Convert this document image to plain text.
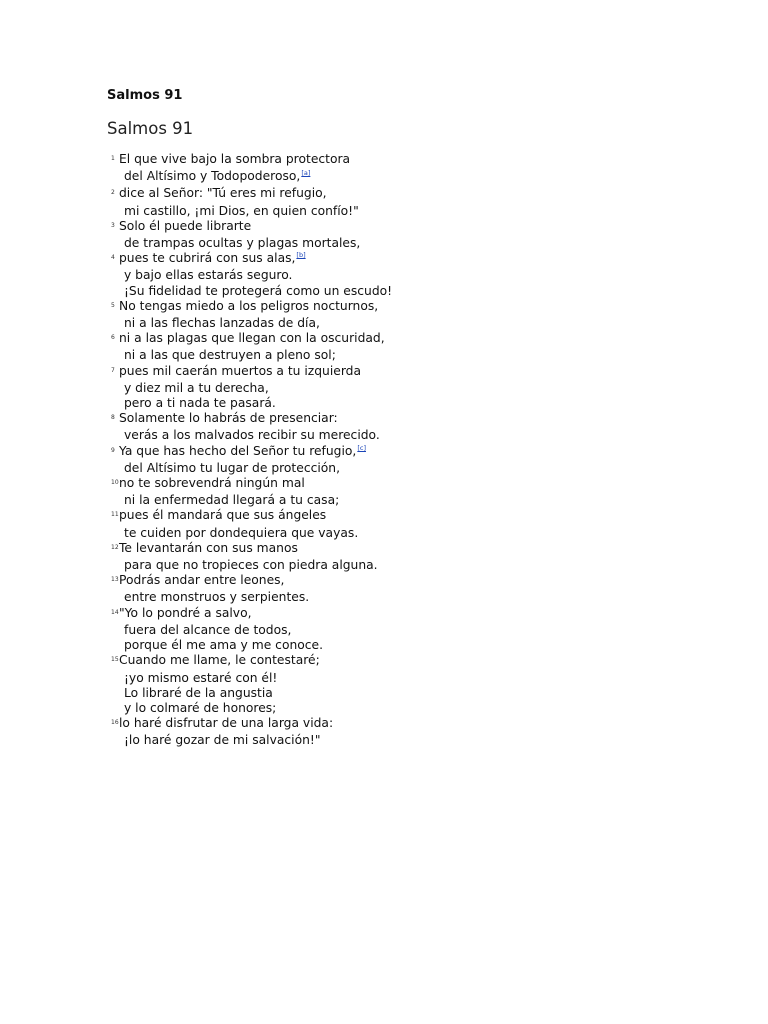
Salmos 91
Salmos 91
1 El que vive bajo la sombra protectora
del Altísimo y Todopoderoso,[a]
2 dice al Señor: "Tú eres mi refugio,
mi castillo, ¡mi Dios, en quien confío!"
3 Solo él puede librarte
de trampas ocultas y plagas mortales,
4 pues te cubrirá con sus alas,[b]
y bajo ellas estarás seguro.
¡Su fidelidad te protegerá como un escudo!
5 No tengas miedo a los peligros nocturnos,
ni a las flechas lanzadas de día,
6 ni a las plagas que llegan con la oscuridad,
ni a las que destruyen a pleno sol;
7 pues mil caerán muertos a tu izquierda
y diez mil a tu derecha,
pero a ti nada te pasará.
8 Solamente lo habrás de presenciar:
verás a los malvados recibir su merecido.
9 Ya que has hecho del Señor tu refugio,[c]
del Altísimo tu lugar de protección,
10no te sobrevendrá ningún mal
ni la enfermedad llegará a tu casa;
11pues él mandará que sus ángeles
te cuiden por dondequiera que vayas.
12Te levantarán con sus manos
para que no tropieces con piedra alguna.
13Podrás andar entre leones,
entre monstruos y serpientes.
14"Yo lo pondré a salvo,
fuera del alcance de todos,
porque él me ama y me conoce.
15Cuando me llame, le contestaré;
¡yo mismo estaré con él!
Lo libraré de la angustia
y lo colmaré de honores;
16lo haré disfrutar de una larga vida:
¡lo haré gozar de mi salvación!"
